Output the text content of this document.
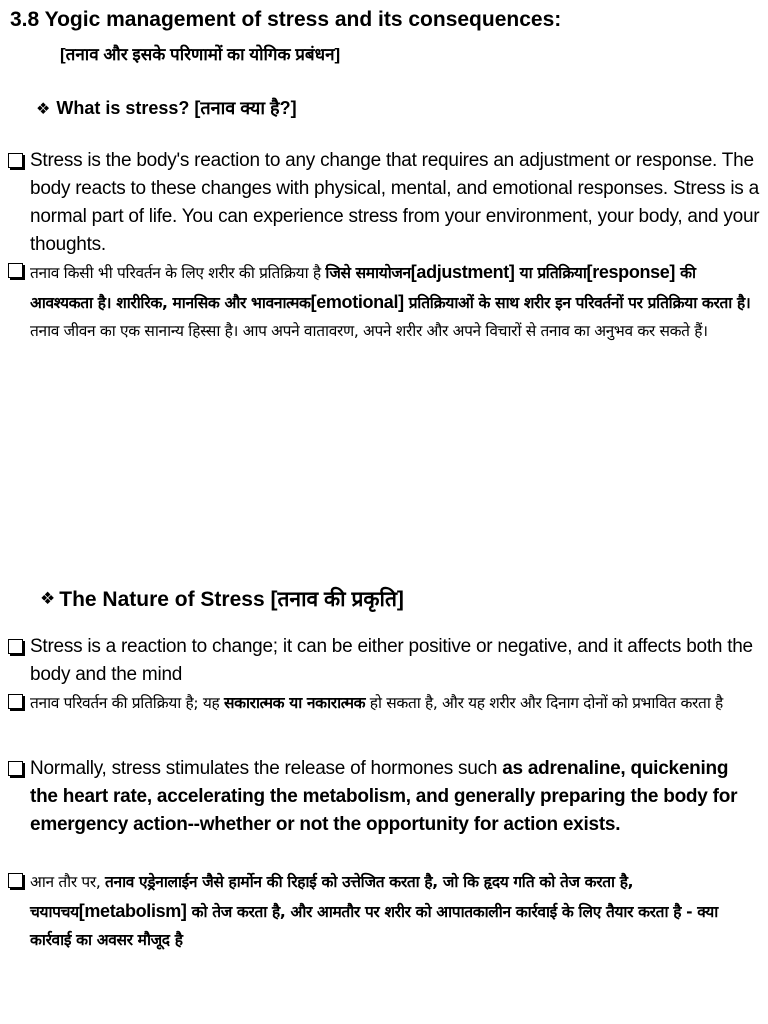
3.8 Yogic management of stress and its consequences:
[तनाव और इसके परिणामों का योगिक प्रबंधन]
❖ What is stress? [तनाव क्या है?]
Stress is the body's reaction to any change that requires an adjustment or response. The body reacts to these changes with physical, mental, and emotional responses. Stress is a normal part of life. You can experience stress from your environment, your body, and your thoughts.
तनाव किसी भी परिवर्तन के लिए शरीर की प्रतिक्रिया है जिसे समायोजन[adjustment] या प्रतिक्रिया[response] की आवश्यकता है। शारीरिक, मानसिक और भावनात्मक[emotional] प्रतिक्रियाओं के साथ शरीर इन परिवर्तनों पर प्रतिक्रिया करता है। तनाव जीवन का एक सानान्य हिस्सा है। आप अपने वातावरण, अपने शरीर और अपने विचारों से तनाव का अनुभव कर सकते हैं।
❖ The Nature of Stress [तनाव की प्रकृति]
Stress is a reaction to change; it can be either positive or negative, and it affects both the body and the mind
तनाव परिवर्तन की प्रतिक्रिया है; यह सकारात्मक या नकारात्मक हो सकता है, और यह शरीर और दिनाग दोनों को प्रभावित करता है
Normally, stress stimulates the release of hormones such as adrenaline, quickening the heart rate, accelerating the metabolism, and generally preparing the body for emergency action--whether or not the opportunity for action exists.
आन तौर पर, तनाव एड्रेनालाईन जैसे हार्मोन की रिहाई को उत्तेजित करता है, जो कि हृदय गति को तेज करता है, चयापचय[metabolism] को तेज करता है, और आमतौर पर शरीर को आपातकालीन कार्रवाई के लिए तैयार करता है - क्या कार्रवाई का अवसर मौजूद है
